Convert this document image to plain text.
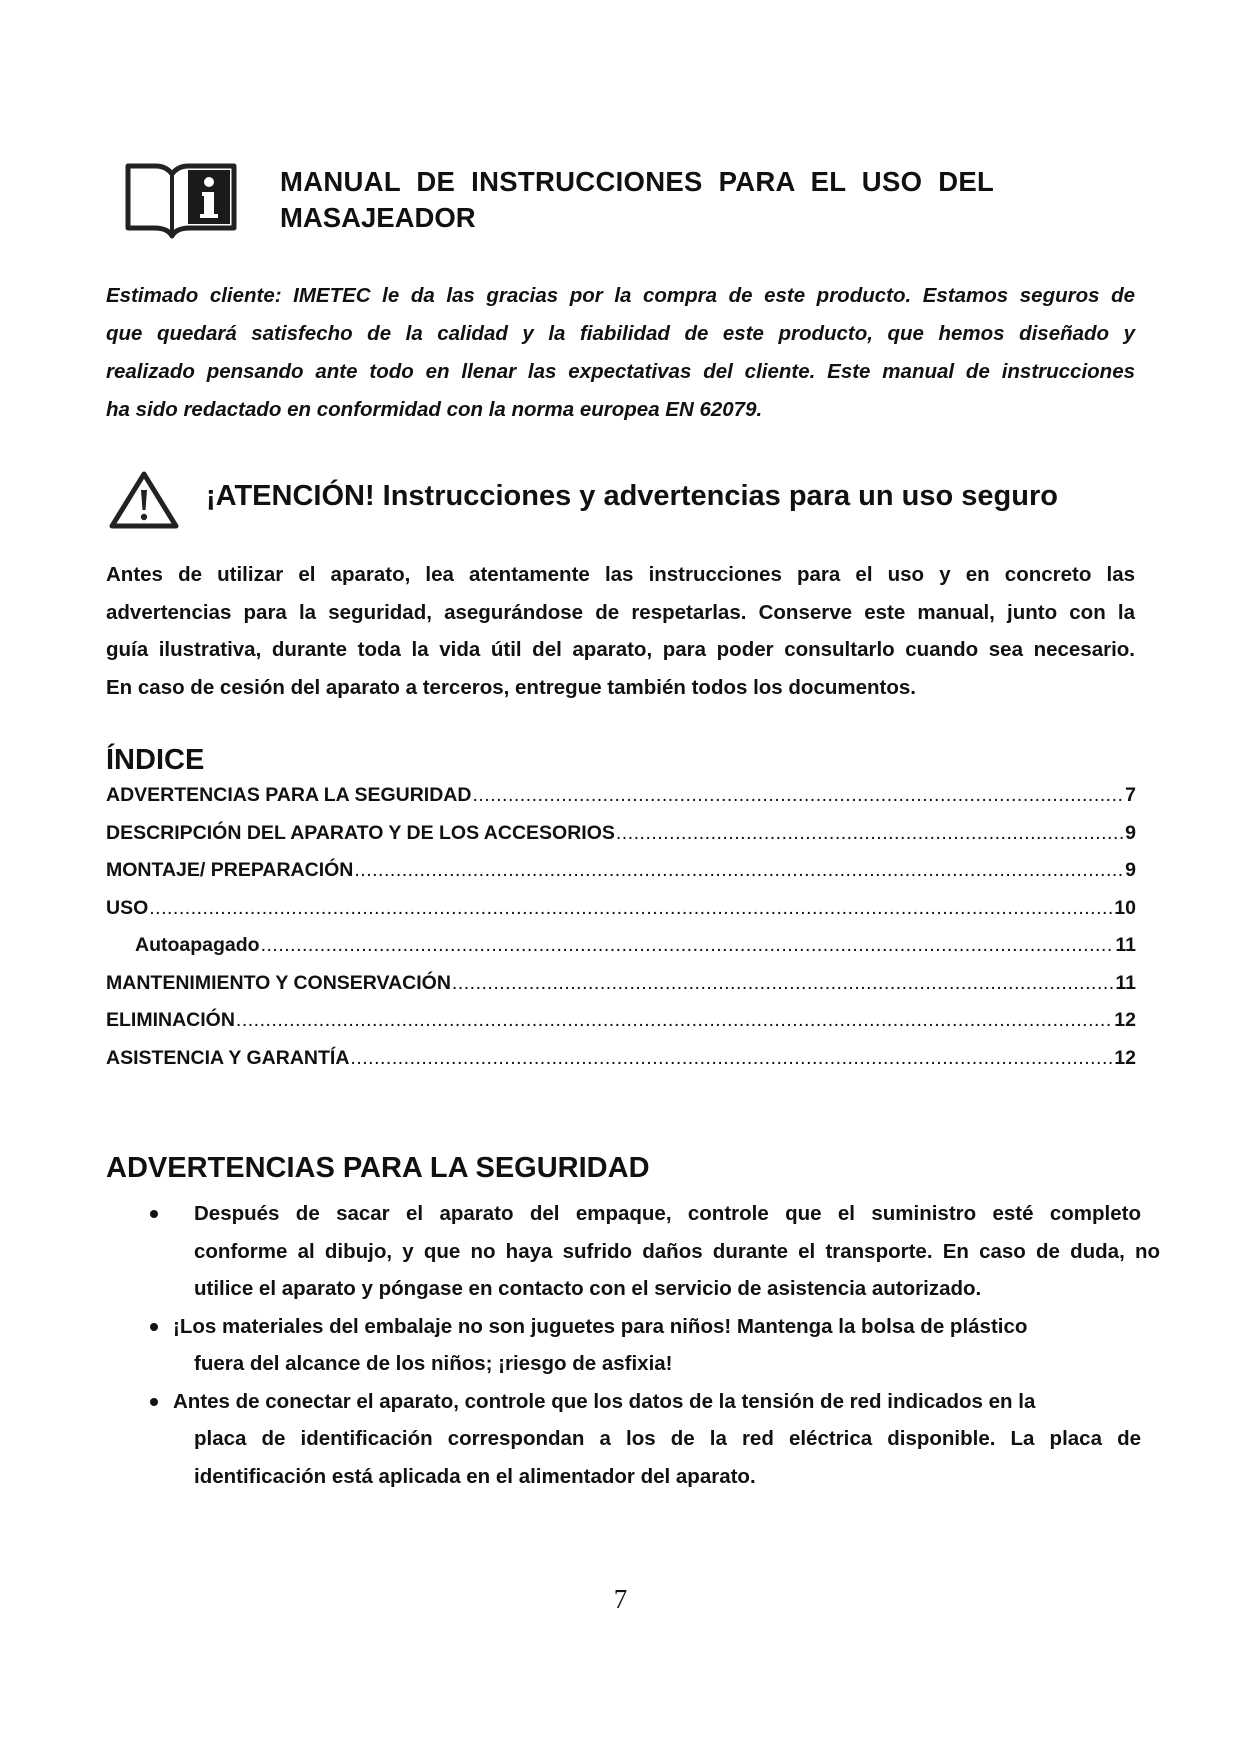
MANUAL DE INSTRUCCIONES PARA EL USO DEL
MASAJEADOR
Estimado cliente: IMETEC le da las gracias por la compra de este producto. Estamos seguros de
que quedará satisfecho de la calidad y la fiabilidad de este producto, que hemos diseñado y
realizado pensando ante todo en llenar las expectativas del cliente. Este manual de instrucciones
ha sido redactado en conformidad con la norma europea EN 62079.
¡ATENCIÓN! Instrucciones y advertencias para un uso seguro
Antes de utilizar el aparato, lea atentamente las instrucciones para el uso y en concreto las
advertencias para la seguridad, asegurándose de respetarlas. Conserve este manual, junto con la
guía ilustrativa, durante toda la vida útil del aparato, para poder consultarlo cuando sea necesario.
En caso de cesión del aparato a terceros, entregue también todos los documentos.
ÍNDICE
ADVERTENCIAS PARA LA SEGURIDAD .....	7
DESCRIPCIÓN DEL APARATO Y DE LOS ACCESORIOS .....	9
MONTAJE/ PREPARACIÓN .....	9
USO .....	10
Autoapagado .....	11
MANTENIMIENTO Y CONSERVACIÓN .....	11
ELIMINACIÓN .....	12
ASISTENCIA Y GARANTÍA .....	12
ADVERTENCIAS PARA LA SEGURIDAD
Después de sacar el aparato del empaque, controle que el suministro esté completo
conforme al dibujo, y que no haya sufrido daños durante el transporte. En caso de duda, no
utilice el aparato y póngase en contacto con el servicio de asistencia autorizado.
¡Los materiales del embalaje no son juguetes para niños! Mantenga la bolsa de plástico
fuera del alcance de los niños; ¡riesgo de asfixia!
Antes de conectar el aparato, controle que los datos de la tensión de red indicados en la
placa de identificación correspondan a los de la red eléctrica disponible. La placa de
identificación está aplicada en el alimentador del aparato.
7
